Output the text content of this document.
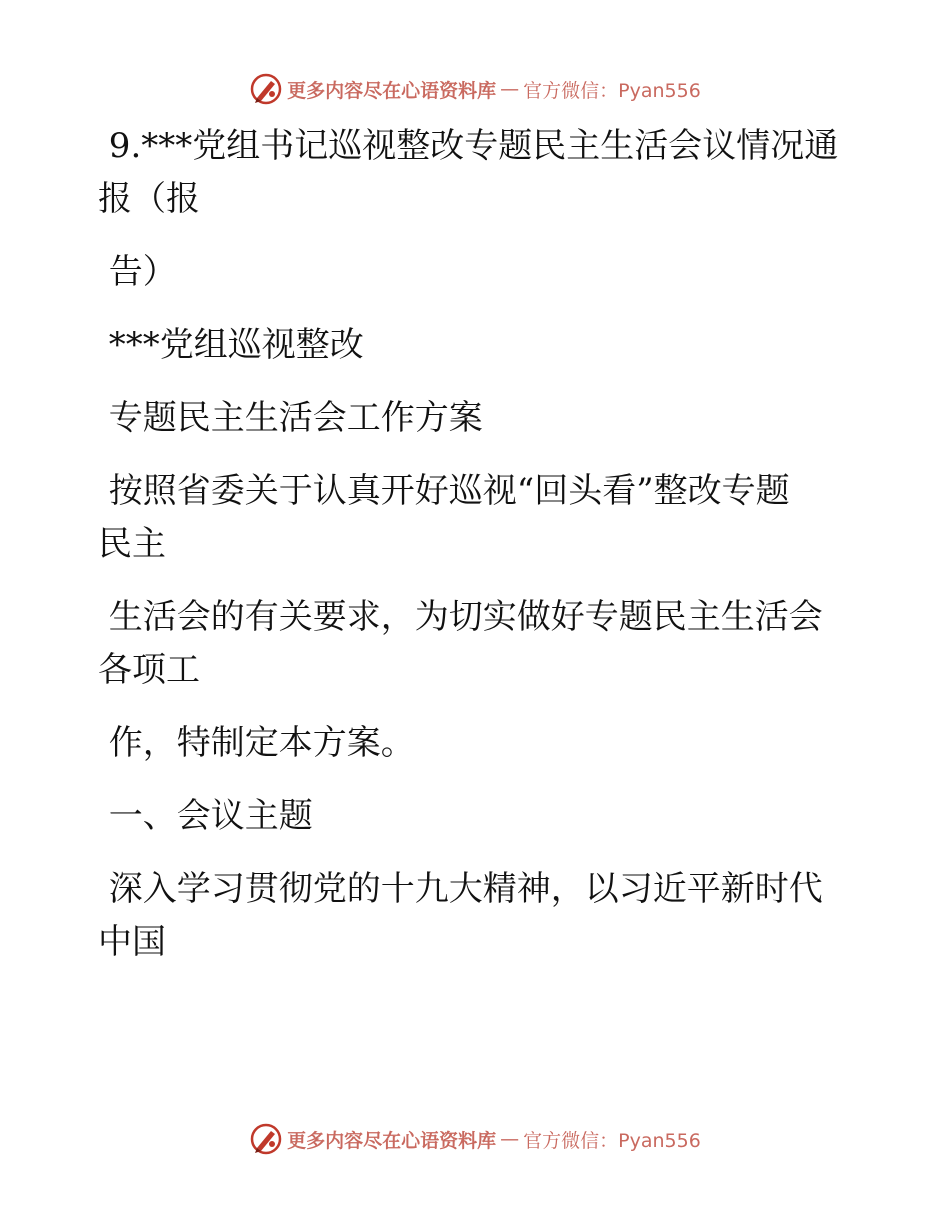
更多内容尽在心语资料库 — 官方微信：Pyan556

9.***党组书记巡视整改专题民主生活会议情况通

报（报

告）

***党组巡视整改

专题民主生活会工作方案

按照省委关于认真开好巡视“回头看”整改专题

民主

生活会的有关要求，为切实做好专题民主生活会

各项工

作，特制定本方案。

一、会议主题

深入学习贯彻党的十九大精神，以习近平新时代

中国

更多内容尽在心语资料库 — 官方微信：Pyan556
